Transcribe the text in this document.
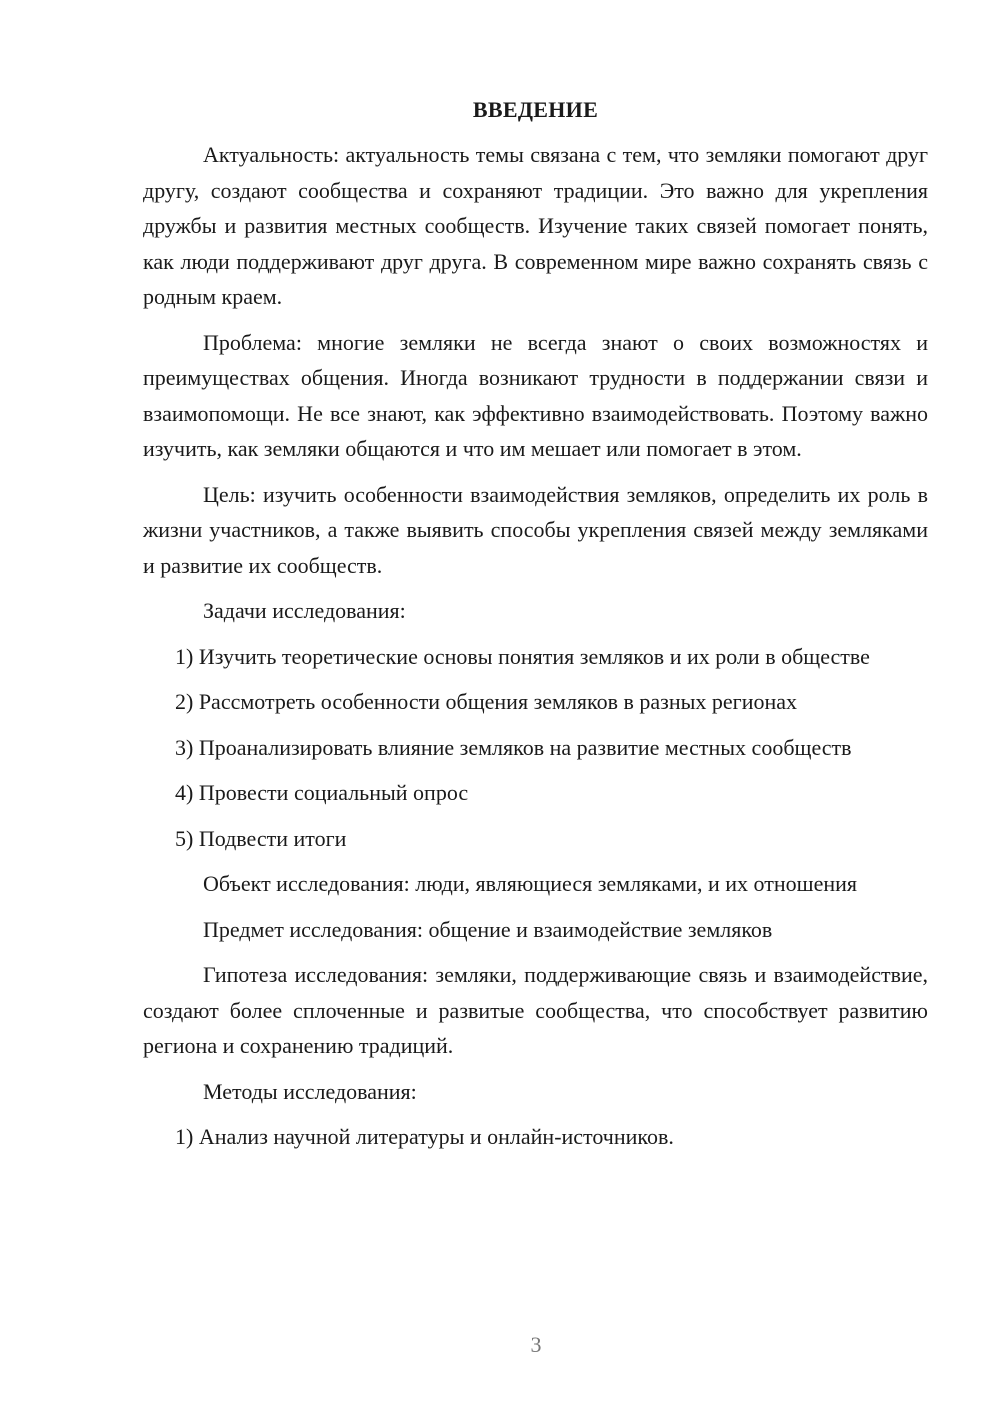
ВВЕДЕНИЕ

Актуальность: актуальность темы связана с тем, что земляки помогают друг другу, создают сообщества и сохраняют традиции. Это важно для укрепления дружбы и развития местных сообществ. Изучение таких связей помогает понять, как люди поддерживают друг друга. В современном мире важно сохранять связь с родным краем.

Проблема: многие земляки не всегда знают о своих возможностях и преимуществах общения. Иногда возникают трудности в поддержании связи и взаимопомощи. Не все знают, как эффективно взаимодействовать. Поэтому важно изучить, как земляки общаются и что им мешает или помогает в этом.

Цель: изучить особенности взаимодействия земляков, определить их роль в жизни участников, а также выявить способы укрепления связей между земляками и развитие их сообществ.

Задачи исследования:

1) Изучить теоретические основы понятия земляков и их роли в обществе

2) Рассмотреть особенности общения земляков в разных регионах

3) Проанализировать влияние земляков на развитие местных сообществ

4) Провести социальный опрос

5) Подвести итоги

Объект исследования: люди, являющиеся земляками, и их отношения

Предмет исследования: общение и взаимодействие земляков

Гипотеза исследования: земляки, поддерживающие связь и взаимодействие, создают более сплоченные и развитые сообщества, что способствует развитию региона и сохранению традиций.

Методы исследования:

1) Анализ научной литературы и онлайн-источников.

3
